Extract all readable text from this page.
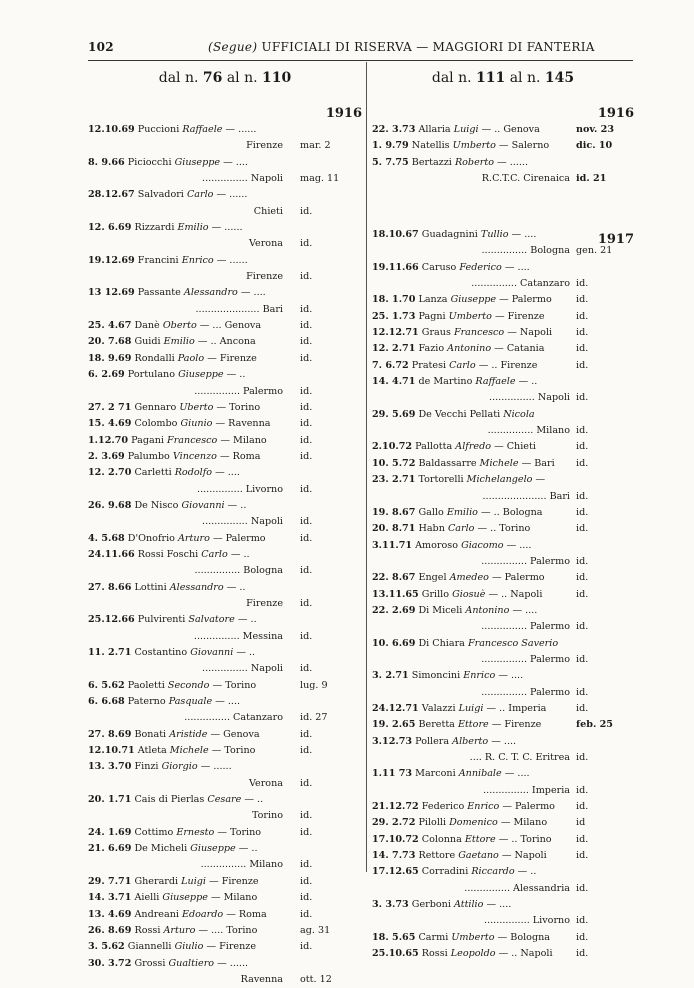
102	(Segue) UFFICIALI DI RISERVA — MAGGIORI DI FANTERIA
dal n. 76 al n. 110
1916
12.10.69 Puccioni Raffaele — ......
Firenze mar. 2
8. 9.66 Piciocchi Giuseppe — ....
............... Napoli mag. 11
28.12.67 Salvadori Carlo — ......
Chieti id.
12. 6.69 Rizzardi Emilio — ......
Verona id.
19.12.69 Francini Enrico — ......
Firenze id.
13 12.69 Passante Alessandro — ....
..................... Bari id.
25. 4.67 Danè Oberto — ... Genova	id.
20. 7.68 Guidi Emilio — .. Ancona	id.
18. 9.69 Rondalli Paolo — Firenze	id.
6. 2.69 Portulano Giuseppe — ..
............... Palermo id.
27. 2 71 Gennaro Uberto — Torino	id.
15. 4.69 Colombo Giunio — Ravenna	id.
1.12.70 Pagani Francesco — Milano	id.
2. 3.69 Palumbo Vincenzo — Roma	id.
12. 2.70 Carletti Rodolfo — ....
............... Livorno id.
26. 9.68 De Nisco Giovanni — ..
............... Napoli id.
4. 5.68 D'Onofrio Arturo — Palermo	id.
24.11.66 Rossi Foschi Carlo — ..
............... Bologna id.
27. 8.66 Lottini Alessandro — ..
Firenze id.
25.12.66 Pulvirenti Salvatore — ..
............... Messina id.
11. 2.71 Costantino Giovanni — ..
............... Napoli id.
6. 5.62 Paoletti Secondo — Torino	lug. 9
6. 6.68 Paterno Pasquale — ....
............... Catanzaro id. 27
27. 8.69 Bonati Aristide — Genova	id.
12.10.71 Atleta Michele — Torino	id.
13. 3.70 Finzi Giorgio — ......
Verona id.
20. 1.71 Cais di Pierlas Cesare — ..
Torino id.
24. 1.69 Cottimo Ernesto — Torino	id.
21. 6.69 De Micheli Giuseppe — ..
............... Milano id.
29. 7.71 Gherardi Luigi — Firenze	id.
14. 3.71 Aielli Giuseppe — Milano	id.
13. 4.69 Andreani Edoardo — Roma	id.
26. 8.69 Rossi Arturo — .... Torino	ag. 31
3. 5.62 Giannelli Giulio — Firenze	id.
30. 3.72 Grossi Gualtiero — ......
Ravenna ott. 12
dal n. 111 al n. 145
1916
22. 3.73 Allaria Luigi — .. Genova	nov. 23
1. 9.79 Natellis Umberto — Salerno	dic. 10
5. 7.75 Bertazzi Roberto — ......
R.C.T.C. Cirenaica id. 21
1917
18.10.67 Guadagnini Tullio — ....
............... Bologna gen. 21
19.11.66 Caruso Federico — ....
............... Catanzaro id.
18. 1.70 Lanza Giuseppe — Palermo	id.
25. 1.73 Pagni Umberto — Firenze	id.
12.12.71 Graus Francesco — Napoli	id.
12. 2.71 Fazio Antonino — Catania	id.
7. 6.72 Pratesi Carlo — .. Firenze	id.
14. 4.71 de Martino Raffaele — ..
............... Napoli id.
29. 5.69 De Vecchi Pellati Nicola
............... Milano id.
2.10.72 Pallotta Alfredo — Chieti	id.
10. 5.72 Baldassarre Michele — Bari	id.
23. 2.71 Tortorelli Michelangelo —
..................... Bari id.
19. 8.67 Gallo Emilio — .. Bologna	id.
20. 8.71 Habn Carlo — .. Torino	id.
3.11.71 Amoroso Giacomo — ....
............... Palermo id.
22. 8.67 Engel Amedeo — Palermo	id.
13.11.65 Grillo Giosuè — .. Napoli	id.
22. 2.69 Di Miceli Antonino — ....
............... Palermo id.
10. 6.69 Di Chiara Francesco Saverio
............... Palermo id.
3. 2.71 Simoncini Enrico — ....
............... Palermo id.
24.12.71 Valazzi Luigi — .. Imperia	id.
19. 2.65 Beretta Ettore — Firenze	feb. 25
3.12.73 Pollera Alberto — ....
.... R. C. T. C. Eritrea id.
1.11 73 Marconi Annibale — ....
............... Imperia id.
21.12.72 Federico Enrico — Palermo	id.
29. 2.72 Pilolli Domenico — Milano	id
17.10.72 Colonna Ettore — .. Torino	id.
14. 7.73 Rettore Gaetano — Napoli	id.
17.12.65 Corradini Riccardo — ..
............... Alessandria id.
3. 3.73 Gerboni Attilio — ....
............... Livorno id.
18. 5.65 Carmi Umberto — Bologna	id.
25.10.65 Rossi Leopoldo — .. Napoli	id.
